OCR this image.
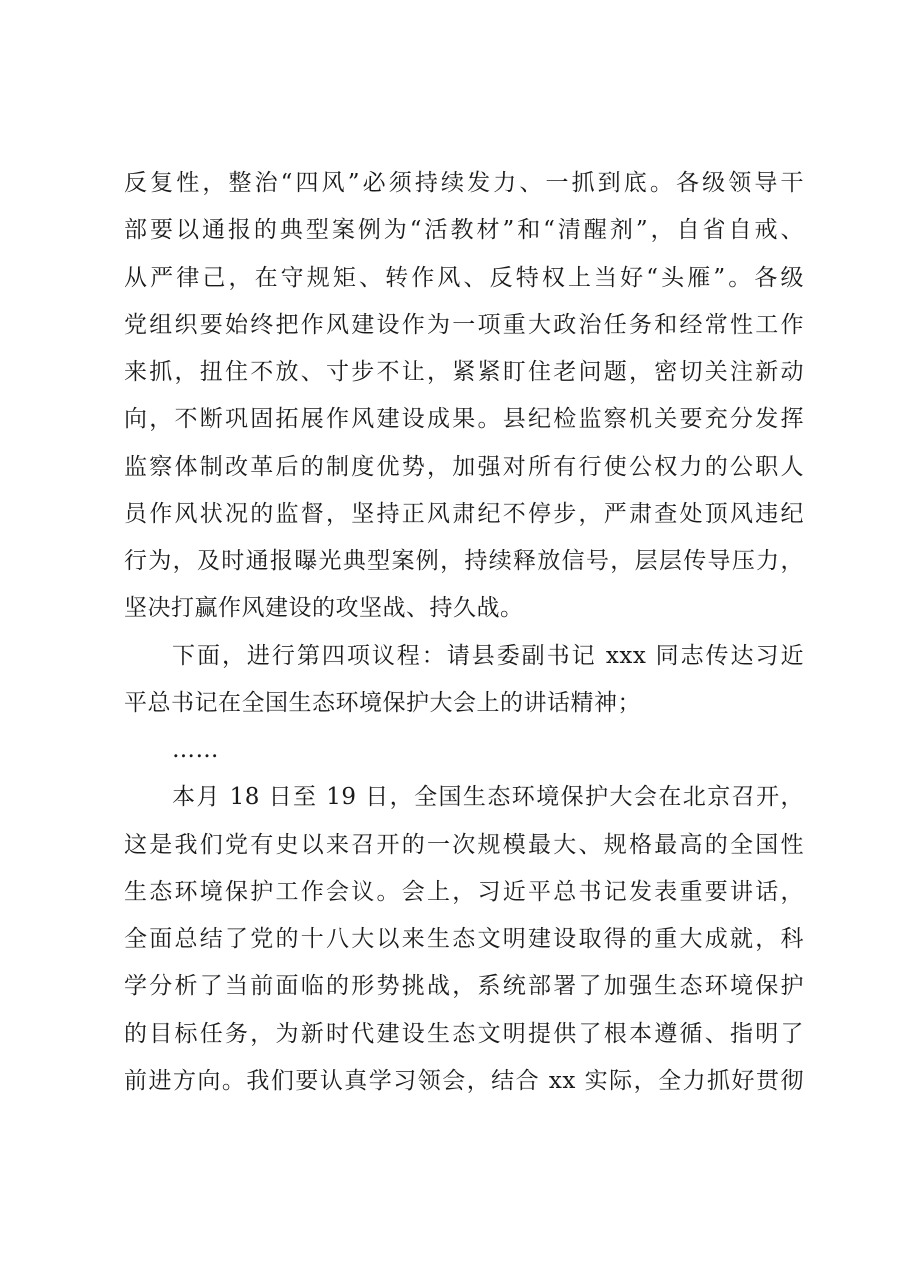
反复性，整治“四风”必须持续发力、一抓到底。各级领导干
部要以通报的典型案例为“活教材”和“清醒剂”，自省自戒、
从严律己，在守规矩、转作风、反特权上当好“头雁”。各级
党组织要始终把作风建设作为一项重大政治任务和经常性工作
来抓，扭住不放、寸步不让，紧紧盯住老问题，密切关注新动
向，不断巩固拓展作风建设成果。县纪检监察机关要充分发挥
监察体制改革后的制度优势，加强对所有行使公权力的公职人
员作风状况的监督，坚持正风肃纪不停步，严肃查处顶风违纪
行为，及时通报曝光典型案例，持续释放信号，层层传导压力，
坚决打赢作风建设的攻坚战、持久战。
下面，进行第四项议程：请县委副书记 xxx 同志传达习近
平总书记在全国生态环境保护大会上的讲话精神；
……
本月 18 日至 19 日，全国生态环境保护大会在北京召开，
这是我们党有史以来召开的一次规模最大、规格最高的全国性
生态环境保护工作会议。会上，习近平总书记发表重要讲话，
全面总结了党的十八大以来生态文明建设取得的重大成就，科
学分析了当前面临的形势挑战，系统部署了加强生态环境保护
的目标任务，为新时代建设生态文明提供了根本遵循、指明了
前进方向。我们要认真学习领会，结合 xx 实际，全力抓好贯彻
